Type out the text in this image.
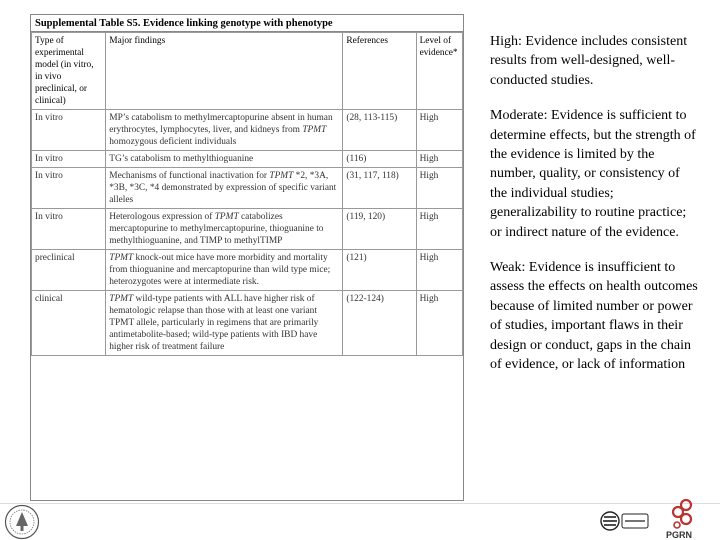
Supplemental Table S5. Evidence linking genotype with phenotype
Type of experimental model (in vitro, in vivo preclinical, or clinical)	Major findings	References	Level of evidence*
In vitro	MP’s catabolism to methylmercaptopurine absent in human erythrocytes, lymphocytes, liver, and kidneys from TPMT homozygous deficient individuals	(28, 113-115)	High
In vitro	TG’s catabolism to methylthioguanine	(116)	High
In vitro	Mechanisms of functional inactivation for TPMT *2, *3A, *3B, *3C, *4 demonstrated by expression of specific variant alleles	(31, 117, 118)	High
In vitro	Heterologous expression of TPMT catabolizes mercaptopurine to methylmercaptopurine, thioguanine to methylthioguanine, and TIMP to methylTIMP	(119, 120)	High
preclinical	TPMT knock-out mice have more morbidity and mortality from thioguanine and mercaptopurine than wild type mice; heterozygotes were at intermediate risk.	(121)	High
clinical	TPMT wild-type patients with ALL have higher risk of hematologic relapse than those with at least one variant TPMT allele, particularly in regimens that are primarily antimetabolite-based; wild-type patients with IBD have higher risk of treatment failure	(122-124)	High

High: Evidence includes consistent results from well-designed, well-conducted studies.

Moderate: Evidence is sufficient to determine effects, but the strength of the evidence is limited by the number, quality, or consistency of the individual studies; generalizability to routine practice; or indirect nature of the evidence.

Weak: Evidence is insufficient to assess the effects on health outcomes because of limited number or power of studies, important flaws in their design or conduct, gaps in the chain of evidence, or lack of information

PGRN
